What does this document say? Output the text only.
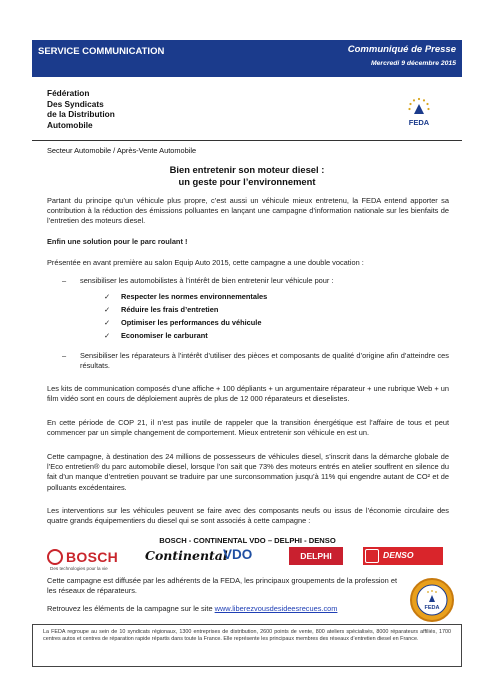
SERVICE COMMUNICATION	Communiqué de Presse
Mercredi 9 décembre 2015
Fédération
Des Syndicats
de la Distribution
Automobile	FEDA
Secteur Automobile / Après-Vente Automobile
Bien entretenir son moteur diesel :
un geste pour l’environnement
Partant du principe qu’un véhicule plus propre, c’est aussi un véhicule mieux entretenu, la FEDA entend apporter sa contribution à la réduction des émissions polluantes en lançant une campagne d’information nationale sur les bienfaits de l’entretien des moteurs diesel.
Enfin une solution pour le parc roulant !
Présentée en avant première au salon Equip Auto 2015, cette campagne a une double vocation :
– sensibiliser les automobilistes à l’intérêt de bien entretenir leur véhicule pour :
✓ Respecter les normes environnementales
✓ Réduire les frais d’entretien
✓ Optimiser les performances du véhicule
✓ Economiser le carburant
– Sensibiliser les réparateurs à l’intérêt d’utiliser des pièces et composants de qualité d’origine afin d’atteindre ces résultats.
Les kits de communication composés d’une affiche + 100 dépliants + un argumentaire réparateur + une rubrique Web + un film vidéo sont en cours de déploiement auprès de plus de 12 000 réparateurs et dieselistes.
En cette période de COP 21, il n’est pas inutile de rappeler que la transition énergétique est l’affaire de tous et peut commencer par un simple changement de comportement. Mieux entretenir son véhicule en est un.
Cette campagne, à destination des 24 millions de possesseurs de véhicules diesel, s’inscrit dans la démarche globale de l’Eco entretien® du parc automobile diesel, lorsque l’on sait que 73% des moteurs entrés en atelier souffrent en silence du fait d’un manque d’entretien pouvant se traduire par une surconsommation jusqu’à 11% qui engendre autant de CO² et de polluants excédentaires.
Les interventions sur les véhicules peuvent se faire avec des composants neufs ou issus de l’économie circulaire des quatre grands équipementiers du diesel qui se sont associés à cette campagne :
BOSCH - CONTINENTAL VDO – DELPHI - DENSO
BOSCH
Des technologies pour la vie
Continental
VDO	DELPHI	DENSO
Cette campagne est diffusée par les adhérents de la FEDA, les principaux groupements de la profession et les réseaux de réparateurs.
Retrouvez les éléments de la campagne sur le site www.liberezvousdesideesrecues.com	FEDA
La FEDA regroupe au sein de 10 syndicats régionaux, 1300 entreprises de distribution, 2600 points de vente, 800 ateliers spécialisés, 8000 réparateurs affiliés, 1700 centres autos et centres de réparation rapide répartis dans toute la France. Elle représente les principaux membres des réseaux d’entretien diesel en France.
